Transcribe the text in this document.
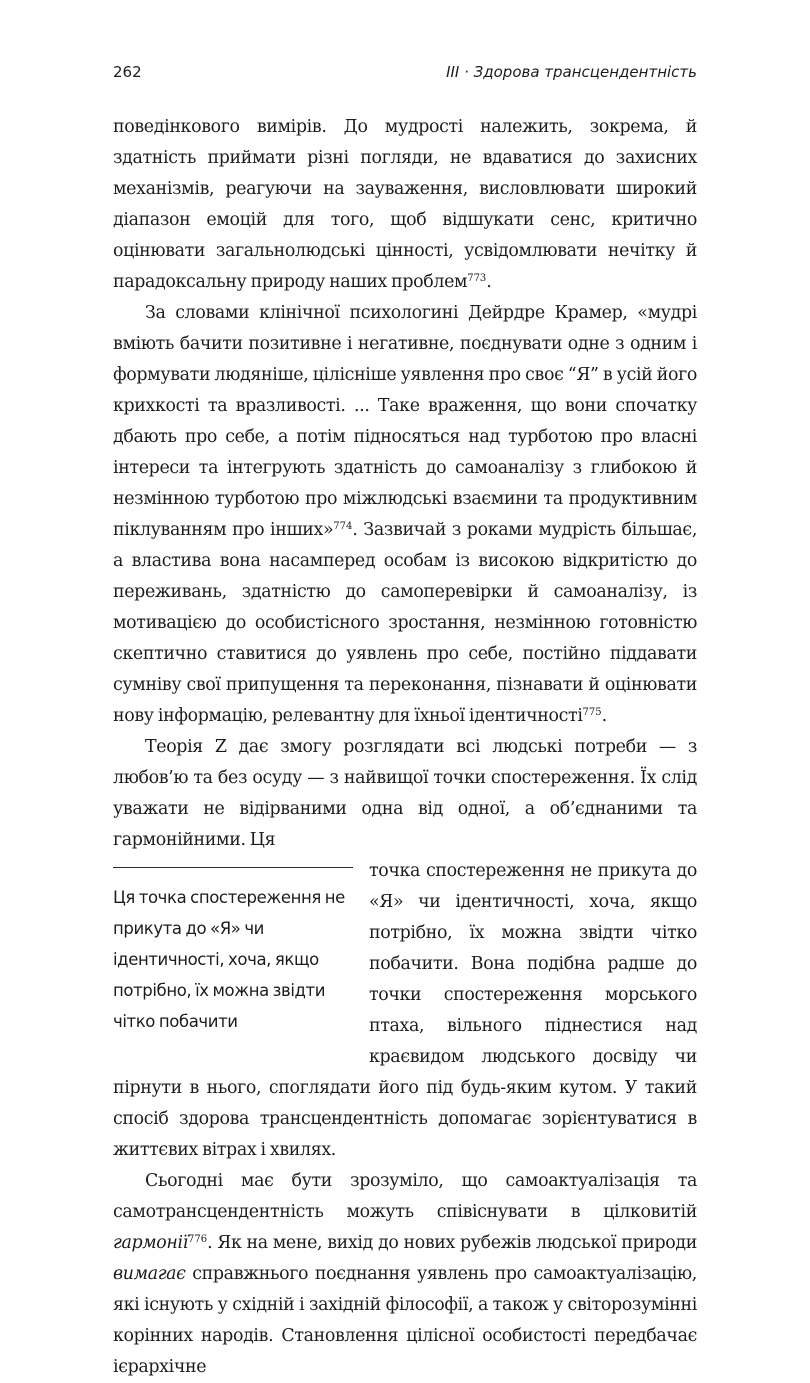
262	III · Здорова трансцендентність

поведінкового вимірів. До мудрості належить, зокрема, й здатність приймати різні погляди, не вдаватися до захисних механізмів, реагуючи на зауваження, висловлювати широкий діапазон емоцій для того, щоб відшукати сенс, критично оцінювати загальнолюдські цінності, усвідомлювати нечітку й парадоксальну природу наших проблем$^{773}$.

За словами клінічної психологині Дейрдре Крамер, «мудрі вміють бачити позитивне і негативне, поєднувати одне з одним і формувати людяніше, цілісніше уявлення про своє “Я” в усій його крихкості та вразливості. ... Таке враження, що вони спочатку дбають про себе, а потім підносяться над турботою про власні інтереси та інтегрують здатність до самоаналізу з глибокою й незмінною турботою про міжлюдські взаємини та продуктивним піклуванням про інших»$^{774}$. Зазвичай з роками мудрість більшає, а властива вона насамперед особам із високою відкритістю до переживань, здатністю до самоперевірки й самоаналізу, із мотивацією до особистісного зростання, незмінною готовністю скептично ставитися до уявлень про себе, постійно піддавати сумніву свої припущення та переконання, пізнавати й оцінювати нову інформацію, релевантну для їхньої ідентичності$^{775}$.

Теорія Z дає змогу розглядати всі людські потреби — з любов’ю та без осуду — з найвищої точки спостереження. Їх слід уважати не відірваними одна від одної, а об’єднаними та гармонійними. Ця

Ця точка спостереження не прикута до «Я» чи ідентичності, хоча, якщо потрібно, їх можна звідти чітко побачити

точка спостереження не прикута до «Я» чи ідентичності, хоча, якщо потрібно, їх можна звідти чітко побачити. Вона подібна радше до точки спостереження морського птаха, вільного піднестися над краєвидом людського досвіду чи пірнути в нього, споглядати його під будь-яким кутом. У такий спосіб здорова трансцендентність допомагає зорієнтуватися в життєвих вітрах і хвилях.

Сьогодні має бути зрозуміло, що самоактуалізація та самотрансцендентність можуть співіснувати в цілковитій гармонії$^{776}$. Як на мене, вихід до нових рубежів людської природи вимагає справжнього поєднання уявлень про самоактуалізацію, які існують у східній і західній філософії, а також у світорозумінні корінних народів. Становлення цілісної особистості передбачає ієрархічне
